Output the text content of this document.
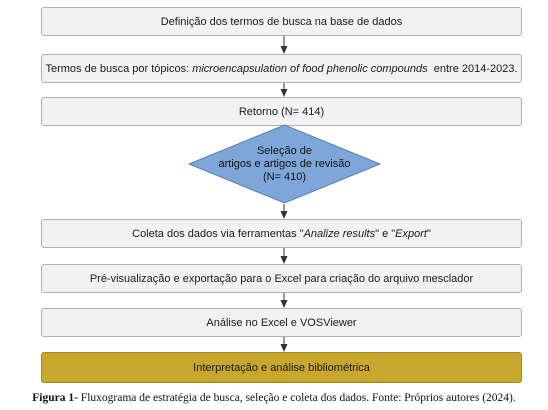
Definição dos termos de busca na base de dados
Termos de busca por tópicos: microencapsulation of food phenolic compounds entre 2014-2023.
Retorno (N= 414)
Seleção de
artigos e artigos de revisão
(N= 410)
Coleta dos dados via ferramentas " Analize results " e " Export "
Pré-visualização e exportação para o Excel para criação do arquivo mesclador
Análise no Excel e VOSViewer
Interpretação e análise bibliométrica
Figura 1- Fluxograma de estratégia de busca, seleção e coleta dos dados. Fonte: Próprios autores (2024).
